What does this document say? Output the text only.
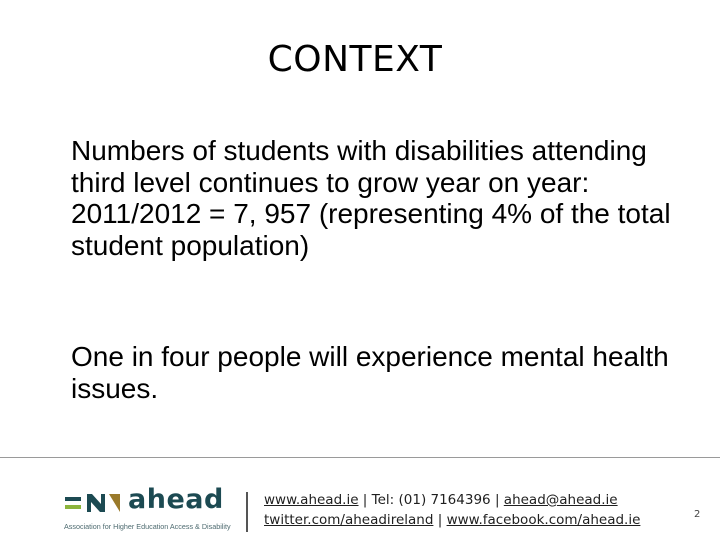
CONTEXT
Numbers of students with disabilities attending third level continues to grow year on year: 2011/2012 = 7, 957 (representing 4% of the total student population)
One in four people will experience mental health issues.
ahead
Association for Higher Education Access & Disability
www.ahead.ie | Tel: (01) 7164396 | ahead@ahead.ie
twitter.com/aheadireland | www.facebook.com/ahead.ie	2
